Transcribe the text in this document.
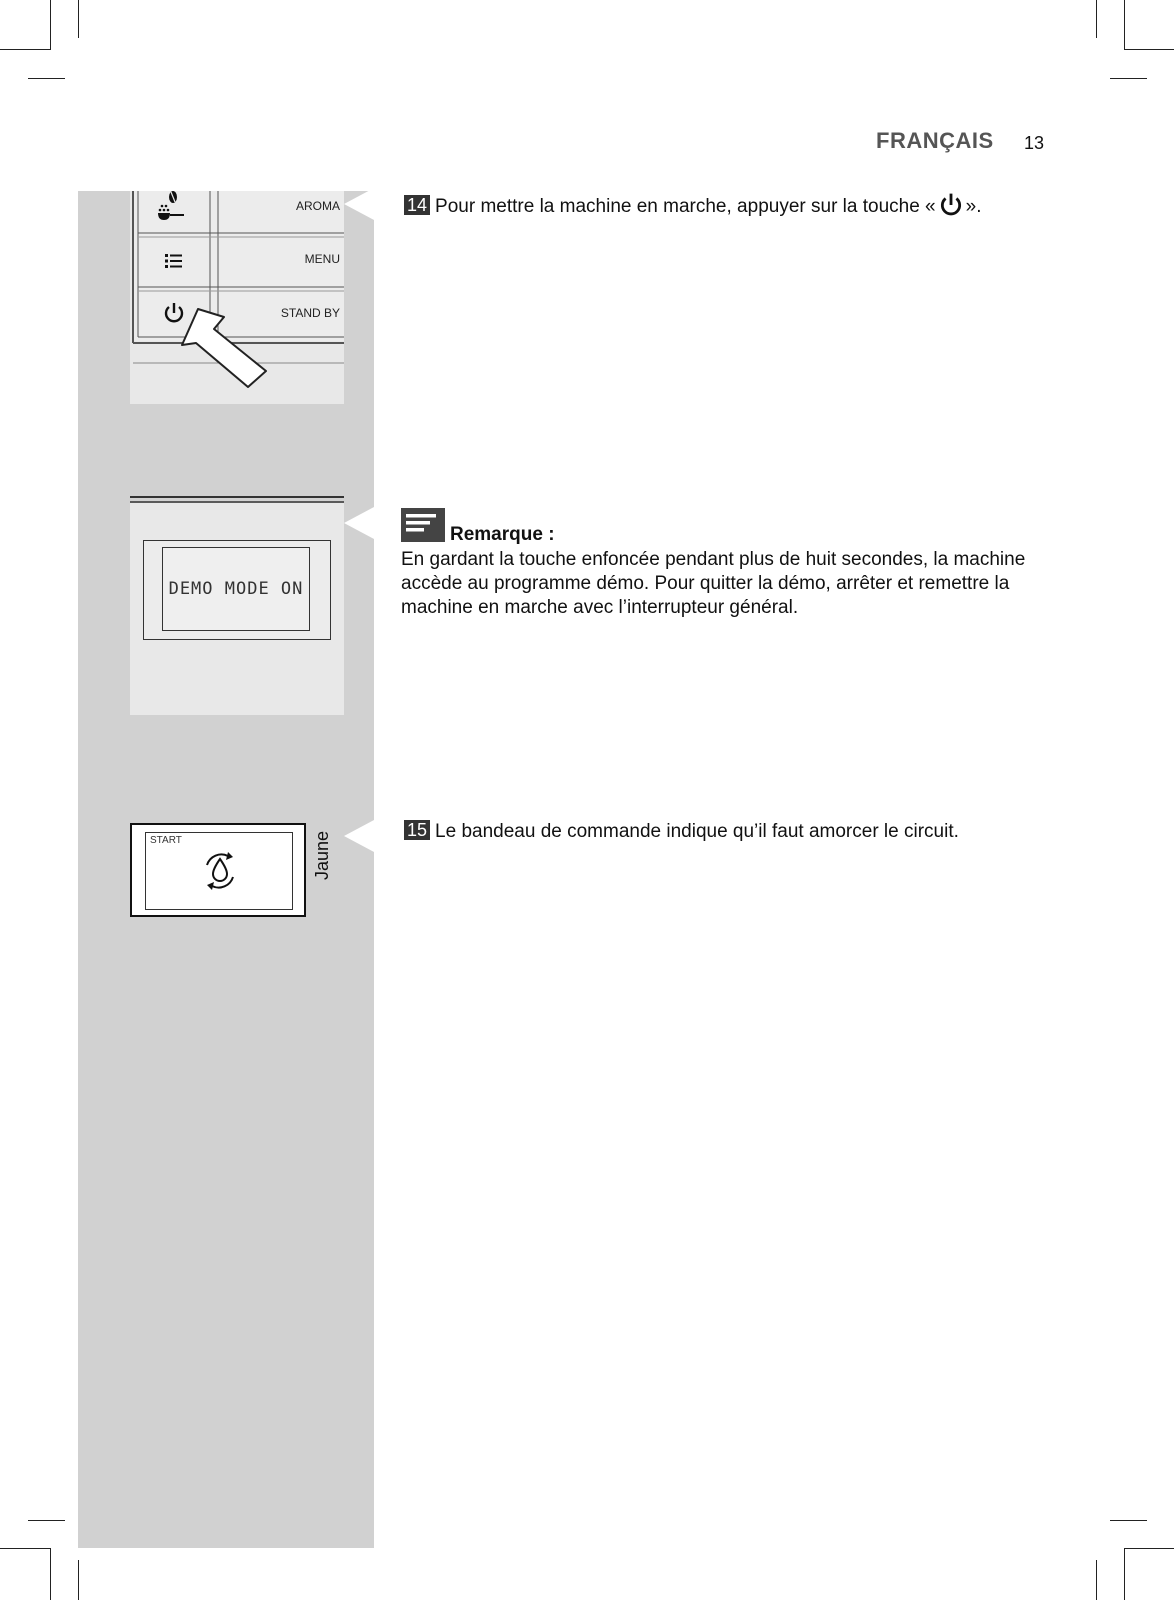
FRANÇAIS 13
AROMA
MENU
STAND BY
DEMO MODE ON
START	Jaune
14 Pour mettre la machine en marche, appuyer sur la touche « ».
Remarque :
En gardant la touche enfoncée pendant plus de huit secondes, la machine accède au programme démo. Pour quitter la démo, arrêter et remettre la machine en marche avec l’interrupteur général.
15 Le bandeau de commande indique qu’il faut amorcer le circuit.
